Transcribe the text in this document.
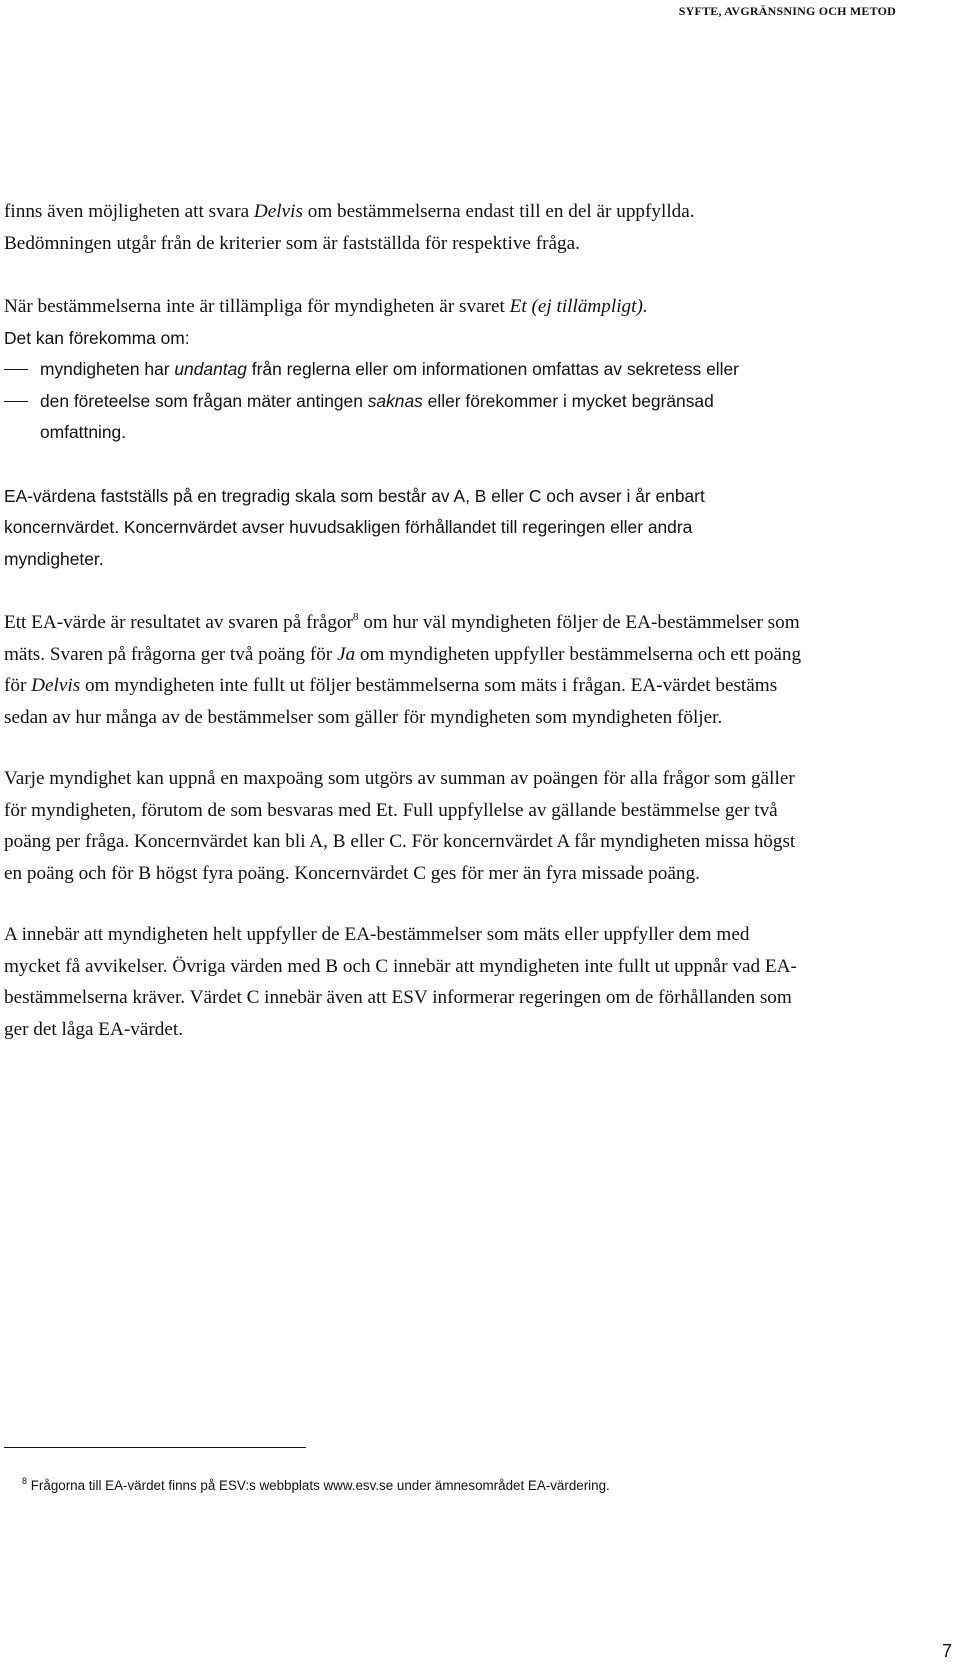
SYFTE, AVGRÄNSNING OCH METOD

finns även möjligheten att svara Delvis om bestämmelserna endast till en del är uppfyllda. Bedömningen utgår från de kriterier som är fastställda för respektive fråga.

När bestämmelserna inte är tillämpliga för myndigheten är svaret Et (ej tillämpligt).
Det kan förekomma om:

myndigheten har undantag från reglerna eller om informationen omfattas av sekretess eller
den företeelse som frågan mäter antingen saknas eller förekommer i mycket begränsad omfattning.

EA-värdena fastställs på en tregradig skala som består av A, B eller C och avser i år enbart koncernvärdet. Koncernvärdet avser huvudsakligen förhållandet till regeringen eller andra myndigheter.

Ett EA-värde är resultatet av svaren på frågor$^8$ om hur väl myndigheten följer de EA-bestämmelser som mäts. Svaren på frågorna ger två poäng för Ja om myndigheten uppfyller bestämmelserna och ett poäng för Delvis om myndigheten inte fullt ut följer bestämmelserna som mäts i frågan. EA-värdet bestäms sedan av hur många av de bestämmelser som gäller för myndigheten som myndigheten följer.

Varje myndighet kan uppnå en maxpoäng som utgörs av summan av poängen för alla frågor som gäller för myndigheten, förutom de som besvaras med Et. Full uppfyllelse av gällande bestämmelse ger två poäng per fråga. Koncernvärdet kan bli A, B eller C. För koncernvärdet A får myndigheten missa högst en poäng och för B högst fyra poäng. Koncernvärdet C ges för mer än fyra missade poäng.

A innebär att myndigheten helt uppfyller de EA-bestämmelser som mäts eller uppfyller dem med mycket få avvikelser. Övriga värden med B och C innebär att myndigheten inte fullt ut uppnår vad EA-bestämmelserna kräver. Värdet C innebär även att ESV informerar regeringen om de förhållanden som ger det låga EA-värdet.

$^8$ Frågorna till EA-värdet finns på ESV:s webbplats www.esv.se under ämnesområdet EA-värdering.
7
